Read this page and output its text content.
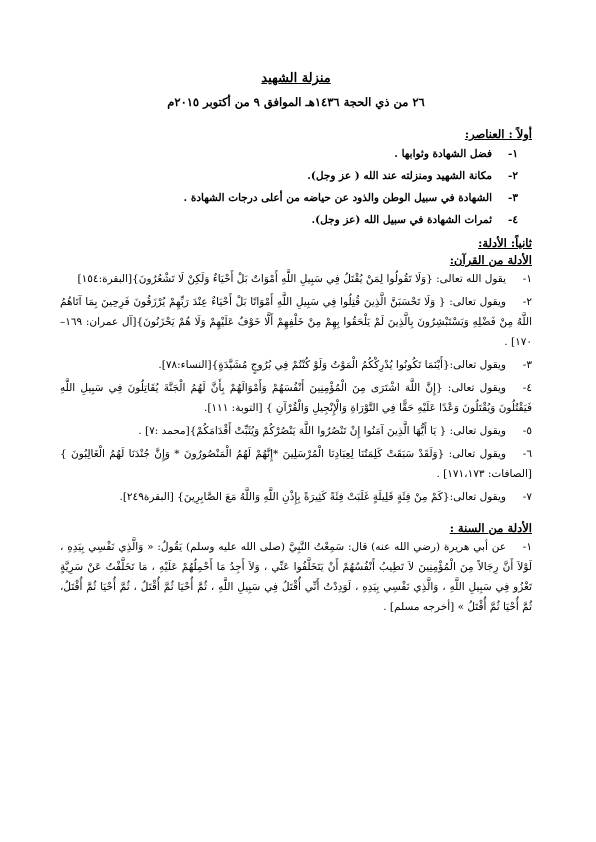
منزلة الشهيد
٢٦ من ذي الحجة ١٤٣٦هـ الموافق ٩ من أكتوبر ٢٠١٥م
أولاً : العناصر:
١-فضل الشهادة وثوابها .
٢-مكانة الشهيد ومنزلته عند الله ( عز وجل).
٣-الشهادة في سبيل الوطن والذود عن حياضه من أعلى درجات الشهادة .
٤-ثمرات الشهادة في سبيل الله (عز وجل).
ثانياً: الأدلة:
الأدلة من القرآن:

١-يقول الله تعالى: {وَلَا تَقُولُوا لِمَنْ يُقْتَلُ فِي سَبِيلِ اللَّهِ أَمْوَاتٌ بَلْ أَحْيَاءٌ وَلَكِنْ لَا تَشْعُرُونَ}[البقرة:١٥٤]

٢-ويقول تعالى: { وَلَا تَحْسَبَنَّ الَّذِينَ قُتِلُوا فِي سَبِيلِ اللَّهِ أَمْوَاتًا بَلْ أَحْيَاءٌ عِنْدَ رَبِّهِمْ يُرْزَقُونَ فَرِحِينَ بِمَا آتَاهُمُ اللَّهُ مِنْ فَضْلِهِ وَيَسْتَبْشِرُونَ بِالَّذِينَ لَمْ يَلْحَقُوا بِهِمْ مِنْ خَلْفِهِمْ أَلَّا خَوْفٌ عَلَيْهِمْ وَلَا هُمْ يَحْزَنُونَ}[آل عمران: ١٦٩– ١٧٠] .

٣-ويقول تعالى:{أَيْنَمَا تَكُونُوا يُدْرِكْكُمُ الْمَوْتُ وَلَوْ كُنْتُمْ فِي بُرُوجٍ مُشَيَّدَةٍ}[النساء:٧٨].

٤-ويقول تعالى: {إِنَّ اللَّهَ اشْتَرَى مِنَ الْمُؤْمِنِينَ أَنْفُسَهُمْ وَأَمْوَالَهُمْ بِأَنَّ لَهُمُ الْجَنَّةَ يُقَاتِلُونَ فِي سَبِيلِ اللَّهِ فَيَقْتُلُونَ وَيُقْتَلُونَ وَعْدًا عَلَيْهِ حَقًّا فِي التَّوْرَاةِ وَالْإِنْجِيلِ وَالْقُرْآنِ } [التوبة: ١١١].

٥-ويقول تعالى: { يَا أَيُّهَا الَّذِينَ آمَنُوا إِنْ تَنْصُرُوا اللَّهَ يَنْصُرْكُمْ وَيُثَبِّتْ أَقْدَامَكُمْ}[محمد :٧] .

٦-ويقول تعالى: {وَلَقَدْ سَبَقَتْ كَلِمَتُنَا لِعِبَادِنَا الْمُرْسَلِينَ *إِنَّهُمْ لَهُمُ الْمَنْصُورُونَ * وَإِنَّ جُنْدَنَا لَهُمُ الْغَالِبُونَ }[الصافات: ١٧١،١٧٣] .

٧-ويقول تعالى:{كَمْ مِنْ فِئَةٍ قَلِيلَةٍ غَلَبَتْ فِئَةً كَثِيرَةً بِإِذْنِ اللَّهِ وَاللَّهُ مَعَ الصَّابِرِينَ} [البقرة٢٤٩].

الأدلة من السنة :

١-عن أبي هريرة (رضي الله عنه) قال: سَمِعْتُ النَّبِيَّ (صلى الله عليه وسلم) يَقُولُ: « وَالَّذِي نَفْسِي بِيَدِهِ ، لَوْلاَ أَنَّ رِجَالاً مِنَ الْمُؤْمِنِينَ لاَ تَطِيبُ أَنْفُسُهُمْ أَنْ يَتَخَلَّفُوا عَنِّي ، وَلاَ أَجِدُ مَا أَحْمِلُهُمْ عَلَيْهِ ، مَا تَخَلَّفْتُ عَنْ سَرِيَّةٍ تَغْزُو فِي سَبِيلِ اللَّهِ ، وَالَّذِي نَفْسِي بِيَدِهِ ، لَوَدِدْتُ أَنِّي أُقْتَلُ فِي سَبِيلِ اللَّهِ ، ثُمَّ أُحْيَا ثُمَّ أُقْتَلُ ، ثُمَّ أُحْيَا ثُمَّ أُقْتَلُ، ثُمَّ أُحْيَا ثُمَّ أُقْتَلُ » [أخرجه مسلم] .
